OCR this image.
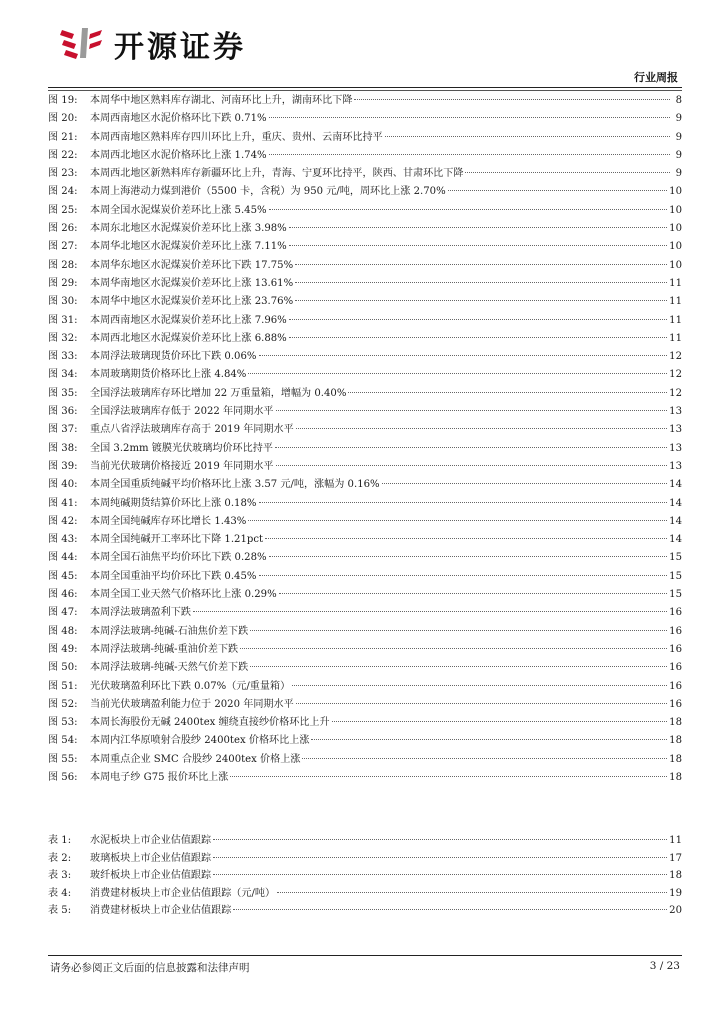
开源证券
行业周报
图 19:	本周华中地区熟料库存湖北、河南环比上升，湖南环比下降	8
图 20:	本周西南地区水泥价格环比下跌 0.71%	9
图 21:	本周西南地区熟料库存四川环比上升，重庆、贵州、云南环比持平	9
图 22:	本周西北地区水泥价格环比上涨 1.74%	9
图 23:	本周西北地区新熟料库存新疆环比上升，青海、宁夏环比持平，陕西、甘肃环比下降	9
图 24:	本周上海港动力煤到港价（5500 卡，含税）为 950 元/吨，周环比上涨 2.70%	10
图 25:	本周全国水泥煤炭价差环比上涨 5.45%	10
图 26:	本周东北地区水泥煤炭价差环比上涨 3.98%	10
图 27:	本周华北地区水泥煤炭价差环比上涨 7.11%	10
图 28:	本周华东地区水泥煤炭价差环比下跌 17.75%	10
图 29:	本周华南地区水泥煤炭价差环比上涨 13.61%	11
图 30:	本周华中地区水泥煤炭价差环比上涨 23.76%	11
图 31:	本周西南地区水泥煤炭价差环比上涨 7.96%	11
图 32:	本周西北地区水泥煤炭价差环比上涨 6.88%	11
图 33:	本周浮法玻璃现货价环比下跌 0.06%	12
图 34:	本周玻璃期货价格环比上涨 4.84%	12
图 35:	全国浮法玻璃库存环比增加 22 万重量箱，增幅为 0.40%	12
图 36:	全国浮法玻璃库存低于 2022 年同期水平	13
图 37:	重点八省浮法玻璃库存高于 2019 年同期水平	13
图 38:	全国 3.2mm 镀膜光伏玻璃均价环比持平	13
图 39:	当前光伏玻璃价格接近 2019 年同期水平	13
图 40:	本周全国重质纯碱平均价格环比上涨 3.57 元/吨，涨幅为 0.16%	14
图 41:	本周纯碱期货结算价环比上涨 0.18%	14
图 42:	本周全国纯碱库存环比增长 1.43%	14
图 43:	本周全国纯碱开工率环比下降 1.21pct	14
图 44:	本周全国石油焦平均价环比下跌 0.28%	15
图 45:	本周全国重油平均价环比下跌 0.45%	15
图 46:	本周全国工业天然气价格环比上涨 0.29%	15
图 47:	本周浮法玻璃盈利下跌	16
图 48:	本周浮法玻璃-纯碱-石油焦价差下跌	16
图 49:	本周浮法玻璃-纯碱-重油价差下跌	16
图 50:	本周浮法玻璃-纯碱-天然气价差下跌	16
图 51:	光伏玻璃盈利环比下跌 0.07%（元/重量箱）	16
图 52:	当前光伏玻璃盈利能力位于 2020 年同期水平	16
图 53:	本周长海股份无碱 2400tex 缠绕直接纱价格环比上升	18
图 54:	本周内江华原喷射合股纱 2400tex 价格环比上涨	18
图 55:	本周重点企业 SMC 合股纱 2400tex 价格上涨	18
图 56:	本周电子纱 G75 报价环比上涨	18
表 1:	水泥板块上市企业估值跟踪	11
表 2:	玻璃板块上市企业估值跟踪	17
表 3:	玻纤板块上市企业估值跟踪	18
表 4:	消费建材板块上市企业估值跟踪（元/吨）	19
表 5:	消费建材板块上市企业估值跟踪	20
请务必参阅正文后面的信息披露和法律声明	3 / 23
